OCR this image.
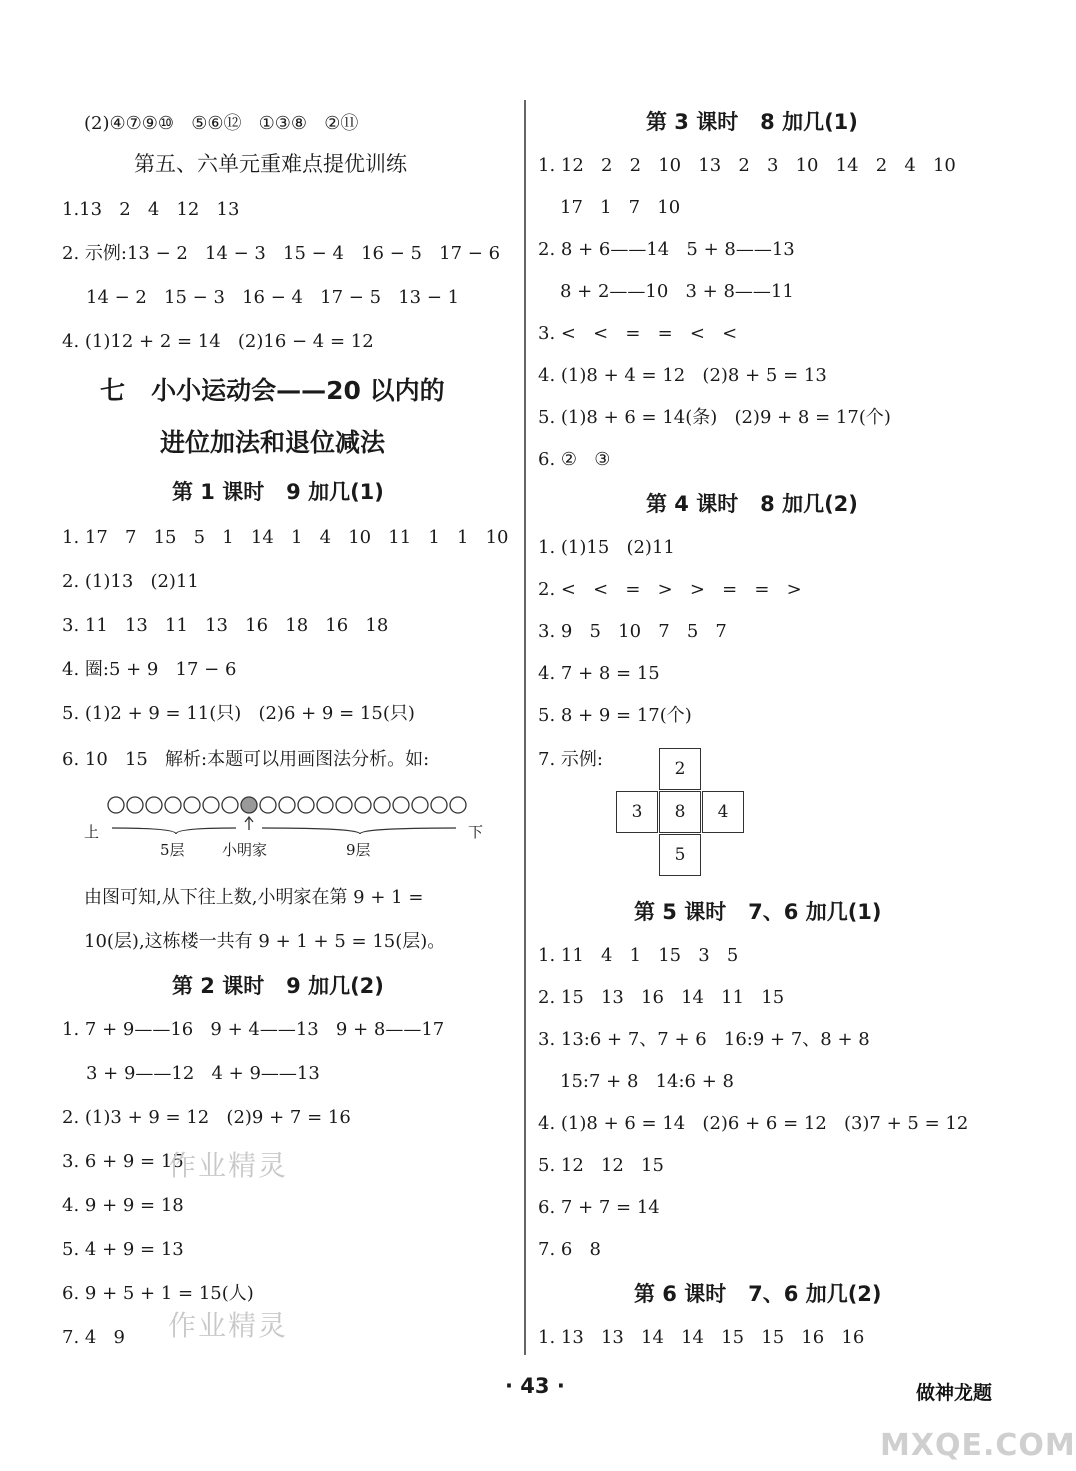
(2)④⑦⑨⑩   ⑤⑥⑫   ①③⑧   ②⑪
第五、六单元重难点提优训练
1.13   2   4   12   13
2. 示例:13 − 2   14 − 3   15 − 4   16 − 5   17 − 6
14 − 2   15 − 3   16 − 4   17 − 5   13 − 1
4. (1)12 + 2 = 14   (2)16 − 4 = 12
七   小小运动会——20 以内的
进位加法和退位减法
第 1 课时   9 加几(1)
1. 17   7   15   5   1   14   1   4   10   11   1   1   10
2. (1)13   (2)11
3. 11   13   11   13   16   18   16   18
4. 圈:5 + 9   17 − 6
5. (1)2 + 9 = 11(只)   (2)6 + 9 = 15(只)
6. 10   15   解析:本题可以用画图法分析。如:
上	下
5层 小明家	9层
由图可知,从下往上数,小明家在第 9 + 1 =
10(层),这栋楼一共有 9 + 1 + 5 = 15(层)。
第 2 课时   9 加几(2)
1. 7 + 9——16   9 + 4——13   9 + 8——17
3 + 9——12   4 + 9——13
2. (1)3 + 9 = 12   (2)9 + 7 = 16
3. 6 + 9 = 15
4. 9 + 9 = 18
5. 4 + 9 = 13
6. 9 + 5 + 1 = 15(人)
7. 4   9
第 3 课时   8 加几(1)
1. 12   2   2   10   13   2   3   10   14   2   4   10
17   1   7   10
2. 8 + 6——14   5 + 8——13
8 + 2——10   3 + 8——11
3. <   <   =   =   <   <
4. (1)8 + 4 = 12   (2)8 + 5 = 13
5. (1)8 + 6 = 14(条)   (2)9 + 8 = 17(个)
6. ②   ③
第 4 课时   8 加几(2)
1. (1)15   (2)11
2. <   <   =   >   >   =   =   >
3. 9   5   10   7   5   7
4. 7 + 8 = 15
5. 8 + 9 = 17(个)
7. 示例:	2
3	8	4
5
第 5 课时   7、6 加几(1)
1. 11   4   1   15   3   5
2. 15   13   16   14   11   15
3. 13:6 + 7、7 + 6   16:9 + 7、8 + 8
15:7 + 8   14:6 + 8
4. (1)8 + 6 = 14   (2)6 + 6 = 12   (3)7 + 5 = 12
5. 12   12   15
6. 7 + 7 = 14
7. 6   8
第 6 课时   7、6 加几(2)
1. 13   13   14   14   15   15   16   16
作业精灵
作业精灵
· 43 ·	做神龙题
MXQE.COM
